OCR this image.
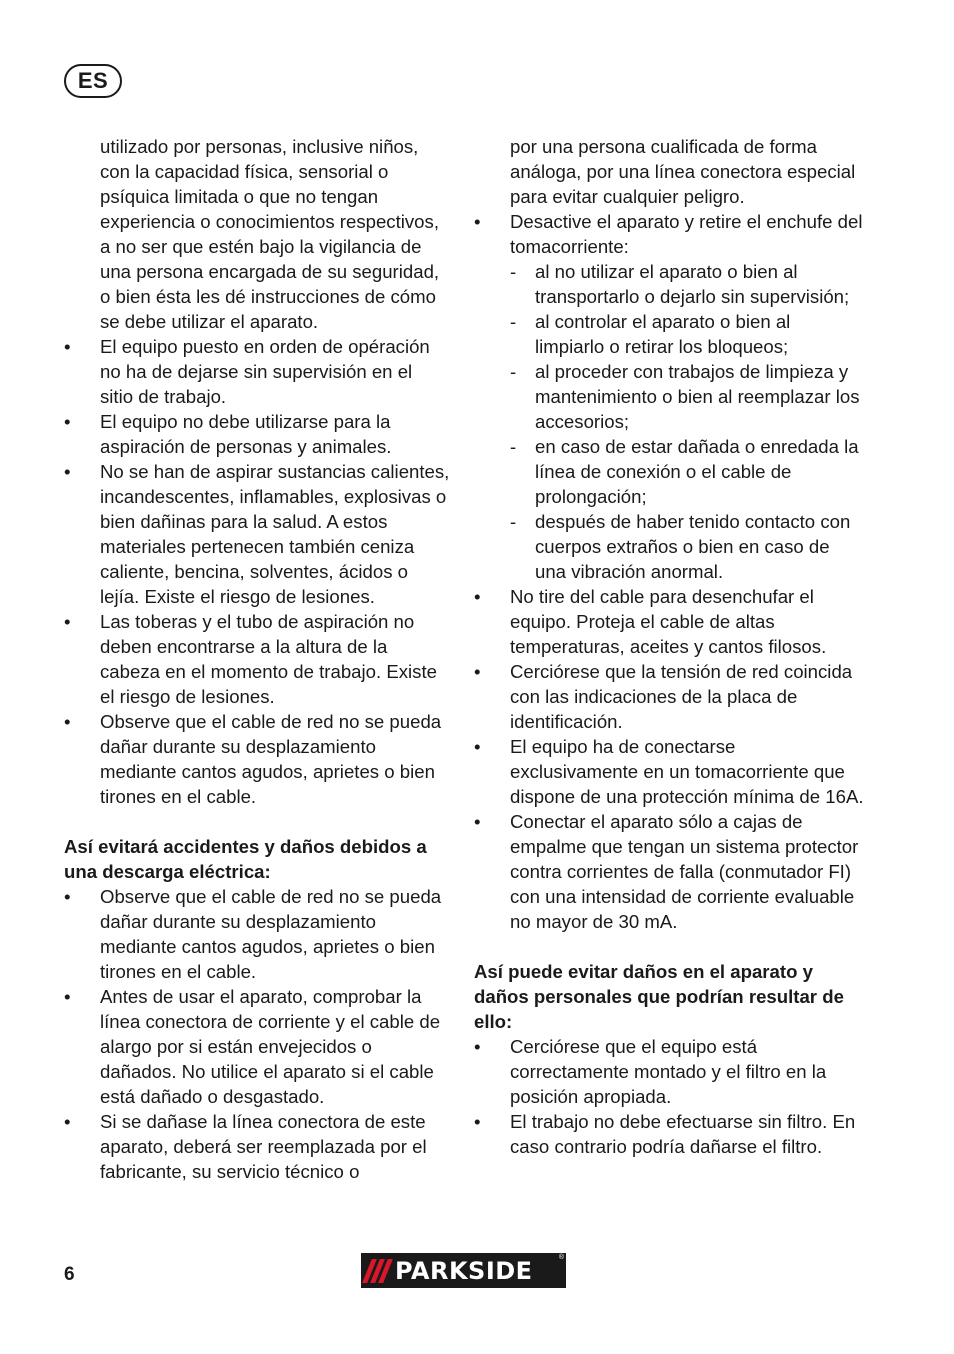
ES

utilizado por personas, inclusive niños, con la capacidad física, sensorial o psíquica limitada o que no tengan experiencia o conocimientos respectivos, a no ser que estén bajo la vigilancia de una persona encargada de su seguridad, o bien ésta les dé instrucciones de cómo se debe utilizar el aparato.

• El equipo puesto en orden de opéración no ha de dejarse sin supervisión en el sitio de trabajo.

• El equipo no debe utilizarse para la aspiración de personas y animales.

• No se han de aspirar sustancias calientes, incandescentes, inflamables, explosivas o bien dañinas para la salud. A estos materiales pertenecen también ceniza caliente, bencina, solventes, ácidos o lejía. Existe el riesgo de lesiones.

• Las toberas y el tubo de aspiración no deben encontrarse a la altura de la cabeza en el momento de trabajo. Existe el riesgo de lesiones.

• Observe que el cable de red no se pueda dañar durante su desplazamiento mediante cantos agudos, aprietes o bien tirones en el cable.

Así evitará accidentes y daños debidos a una descarga eléctrica:

• Observe que el cable de red no se pueda dañar durante su desplazamiento mediante cantos agudos, aprietes o bien tirones en el cable.

• Antes de usar el aparato, comprobar la línea conectora de corriente y el cable de alargo por si están envejecidos o dañados. No utilice el aparato si el cable está dañado o desgastado.

• Si se dañase la línea conectora de este aparato, deberá ser reemplazada por el fabricante, su servicio técnico o

por una persona cualificada de forma análoga, por una línea conectora especial para evitar cualquier peligro.

• Desactive el aparato y retire el enchufe del tomacorriente:

- al no utilizar el aparato o bien al transportarlo o dejarlo sin supervisión;

- al controlar el aparato o bien al limpiarlo o retirar los bloqueos;

- al proceder con trabajos de limpieza y mantenimiento o bien al reemplazar los accesorios;

- en caso de estar dañada o enredada la línea de conexión o el cable de prolongación;

- después de haber tenido contacto con cuerpos extraños o bien en caso de una vibración anormal.

• No tire del cable para desenchufar el equipo. Proteja el cable de altas temperaturas, aceites y cantos filosos.

• Cerciórese que la tensión de red coincida con las indicaciones de la placa de identificación.

• El equipo ha de conectarse exclusivamente en un tomacorriente que dispone de una protección mínima de 16A.

• Conectar el aparato sólo a cajas de empalme que tengan un sistema protector contra corrientes de falla (conmutador FI) con una intensidad de corriente evaluable no mayor de 30 mA.

Así puede evitar daños en el aparato y daños personales que podrían resultar de ello:

• Cerciórese que el equipo está correctamente montado y el filtro en la posición apropiada.

• El trabajo no debe efectuarse sin filtro. En caso contrario podría dañarse el filtro.

6	PARKSIDE	®
